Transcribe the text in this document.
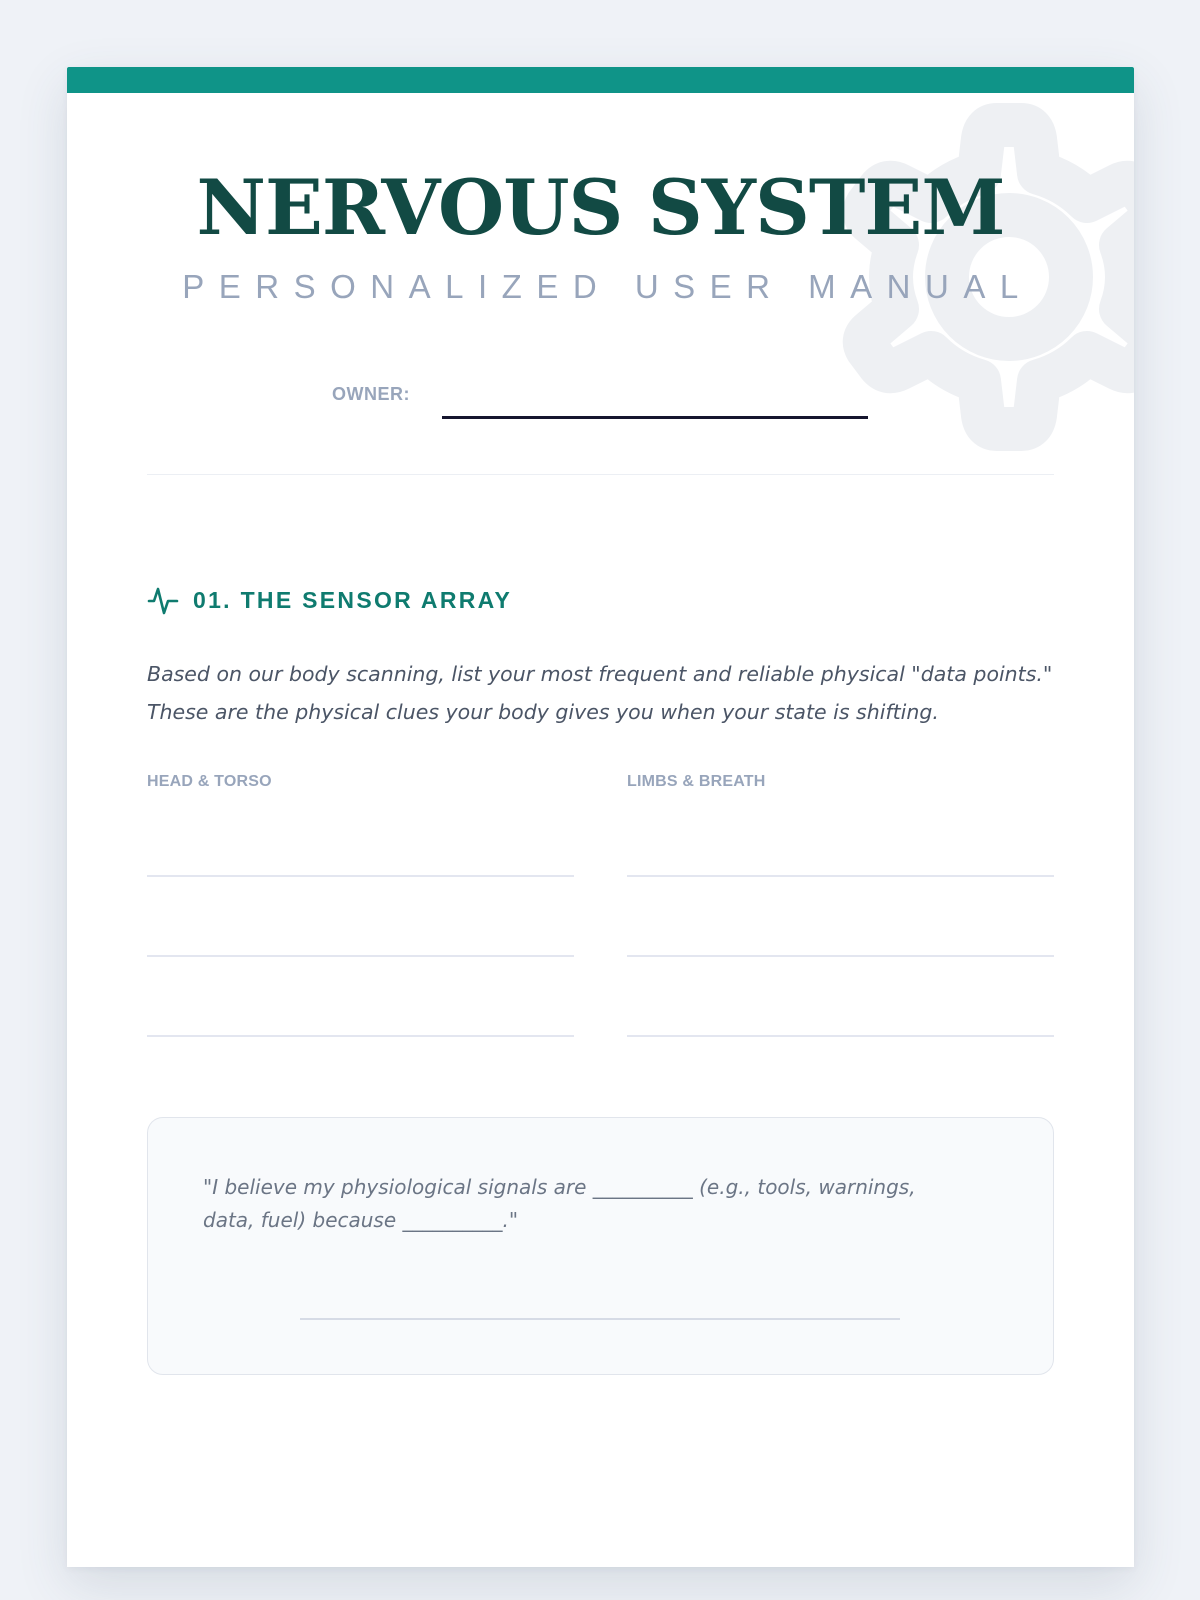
NERVOUS SYSTEM
PERSONALIZED USER MANUAL
OWNER:
01. THE SENSOR ARRAY
Based on our body scanning, list your most frequent and reliable physical "data points." These are the physical clues your body gives you when your state is shifting.
HEAD & TORSO	LIMBS & BREATH
"I believe my physiological signals are __________ (e.g., tools, warnings, data, fuel) because __________."
